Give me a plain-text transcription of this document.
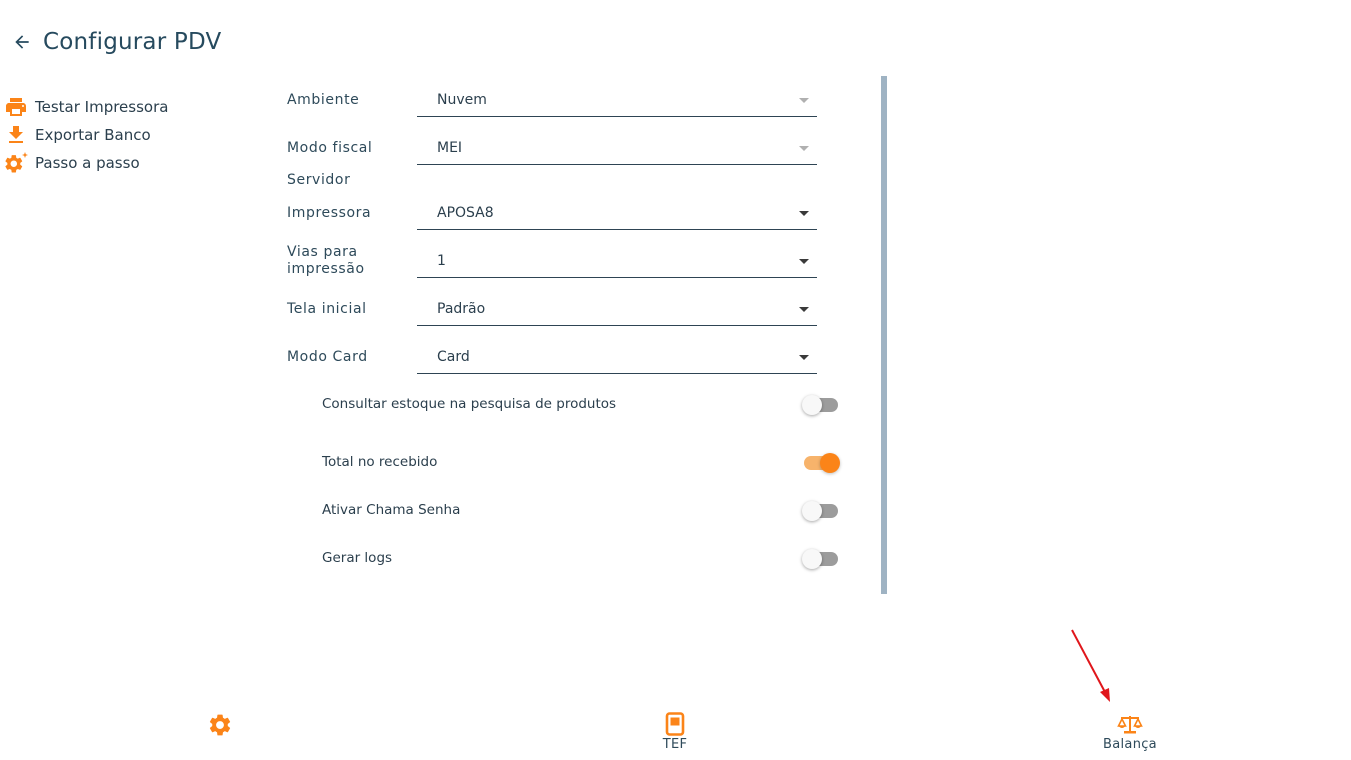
Configurar PDV
Testar Impressora
Exportar Banco
Passo a passo
Ambiente	Nuvem
Modo fiscal	MEI
Servidor
Impressora	APOSA8
Vias para
impressão	1
Tela inicial	Padrão
Modo Card	Card
Consultar estoque na pesquisa de produtos
Total no recebido
Ativar Chama Senha
Gerar logs
TEF	Balança
